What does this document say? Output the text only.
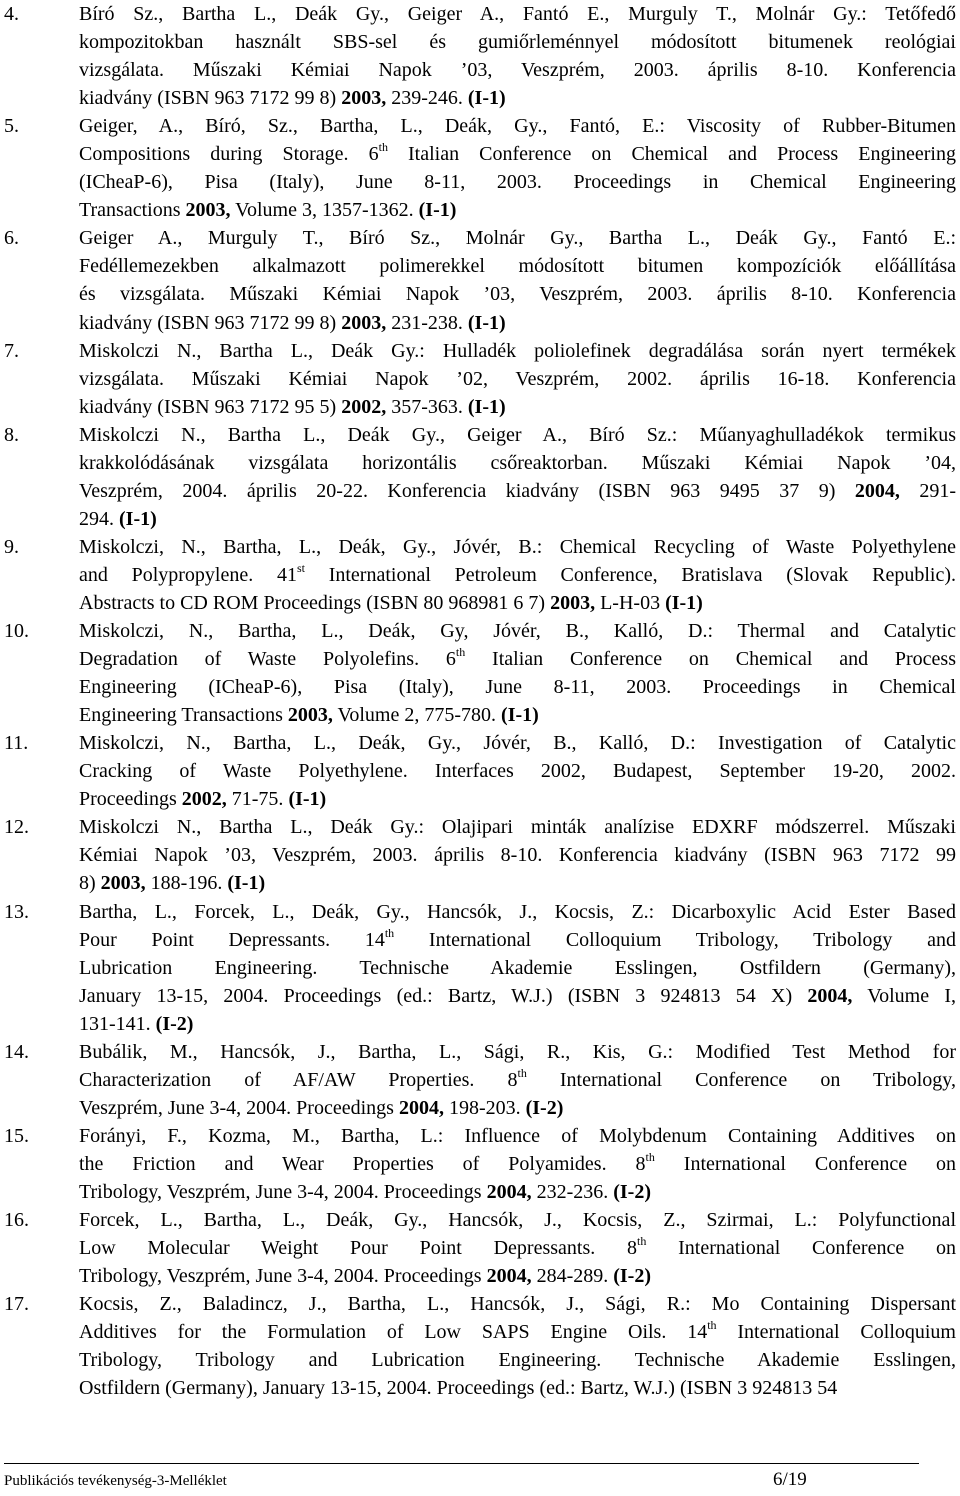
4.	Bíró Sz., Bartha L., Deák Gy., Geiger A., Fantó E., Murguly T., Molnár Gy.: Tetőfedő
kompozitokban használt SBS-sel és gumiőrleménnyel módosított bitumenek reológiai
vizsgálata. Műszaki Kémiai Napok ’03, Veszprém, 2003. április 8-10. Konferencia
kiadvány (ISBN 963 7172 99 8) 2003, 239-246. (I-1)
5.	Geiger, A., Bíró, Sz., Bartha, L., Deák, Gy., Fantó, E.: Viscosity of Rubber-Bitumen
Compositions during Storage. 6th Italian Conference on Chemical and Process Engineering
(ICheaP-6), Pisa (Italy), June 8-11, 2003. Proceedings in Chemical Engineering
Transactions 2003, Volume 3, 1357-1362. (I-1)
6.	Geiger A., Murguly T., Bíró Sz., Molnár Gy., Bartha L., Deák Gy., Fantó E.:
Fedéllemezekben alkalmazott polimerekkel módosított bitumen kompozíciók előállítása
és vizsgálata. Műszaki Kémiai Napok ’03, Veszprém, 2003. április 8-10. Konferencia
kiadvány (ISBN 963 7172 99 8) 2003, 231-238. (I-1)
7.	Miskolczi N., Bartha L., Deák Gy.: Hulladék poliolefinek degradálása során nyert termékek
vizsgálata. Műszaki Kémiai Napok ’02, Veszprém, 2002. április 16-18. Konferencia
kiadvány (ISBN 963 7172 95 5) 2002, 357-363. (I-1)
8.	Miskolczi N., Bartha L., Deák Gy., Geiger A., Bíró Sz.: Műanyaghulladékok termikus
krakkolódásának vizsgálata horizontális csőreaktorban. Műszaki Kémiai Napok ’04,
Veszprém, 2004. április 20-22. Konferencia kiadvány (ISBN 963 9495 37 9) 2004, 291-
294. (I-1)
9.	Miskolczi, N., Bartha, L., Deák, Gy., Jóvér, B.: Chemical Recycling of Waste Polyethylene
and Polypropylene. 41st International Petroleum Conference, Bratislava (Slovak Republic).
Abstracts to CD ROM Proceedings (ISBN 80 968981 6 7) 2003, L-H-03 (I-1)
10.	Miskolczi, N., Bartha, L., Deák, Gy, Jóvér, B., Kalló, D.: Thermal and Catalytic
Degradation of Waste Polyolefins. 6th Italian Conference on Chemical and Process
Engineering (ICheaP-6), Pisa (Italy), June 8-11, 2003. Proceedings in Chemical
Engineering Transactions 2003, Volume 2, 775-780. (I-1)
11.	Miskolczi, N., Bartha, L., Deák, Gy., Jóvér, B., Kalló, D.: Investigation of Catalytic
Cracking of Waste Polyethylene. Interfaces 2002, Budapest, September 19-20, 2002.
Proceedings 2002, 71-75. (I-1)
12.	Miskolczi N., Bartha L., Deák Gy.: Olajipari minták analízise EDXRF módszerrel. Műszaki
Kémiai Napok ’03, Veszprém, 2003. április 8-10. Konferencia kiadvány (ISBN 963 7172 99
8) 2003, 188-196. (I-1)
13.	Bartha, L., Forcek, L., Deák, Gy., Hancsók, J., Kocsis, Z.: Dicarboxylic Acid Ester Based
Pour Point Depressants. 14th International Colloquium Tribology, Tribology and
Lubrication Engineering. Technische Akademie Esslingen, Ostfildern (Germany),
January 13-15, 2004. Proceedings (ed.: Bartz, W.J.) (ISBN 3 924813 54 X) 2004, Volume I,
131-141. (I-2)
14.	Bubálik, M., Hancsók, J., Bartha, L., Sági, R., Kis, G.: Modified Test Method for
Characterization of AF/AW Properties. 8th International Conference on Tribology,
Veszprém, June 3-4, 2004. Proceedings 2004, 198-203. (I-2)
15.	Forányi, F., Kozma, M., Bartha, L.: Influence of Molybdenum Containing Additives on
the Friction and Wear Properties of Polyamides. 8th International Conference on
Tribology, Veszprém, June 3-4, 2004. Proceedings 2004, 232-236. (I-2)
16.	Forcek, L., Bartha, L., Deák, Gy., Hancsók, J., Kocsis, Z., Szirmai, L.: Polyfunctional
Low Molecular Weight Pour Point Depressants. 8th International Conference on
Tribology, Veszprém, June 3-4, 2004. Proceedings 2004, 284-289. (I-2)
17.	Kocsis, Z., Baladincz, J., Bartha, L., Hancsók, J., Sági, R.: Mo Containing Dispersant
Additives for the Formulation of Low SAPS Engine Oils. 14th International Colloquium
Tribology, Tribology and Lubrication Engineering. Technische Akademie Esslingen,
Ostfildern (Germany), January 13-15, 2004. Proceedings (ed.: Bartz, W.J.) (ISBN 3 924813 54
Publikációs tevékenység-3-Melléklet	6/19
